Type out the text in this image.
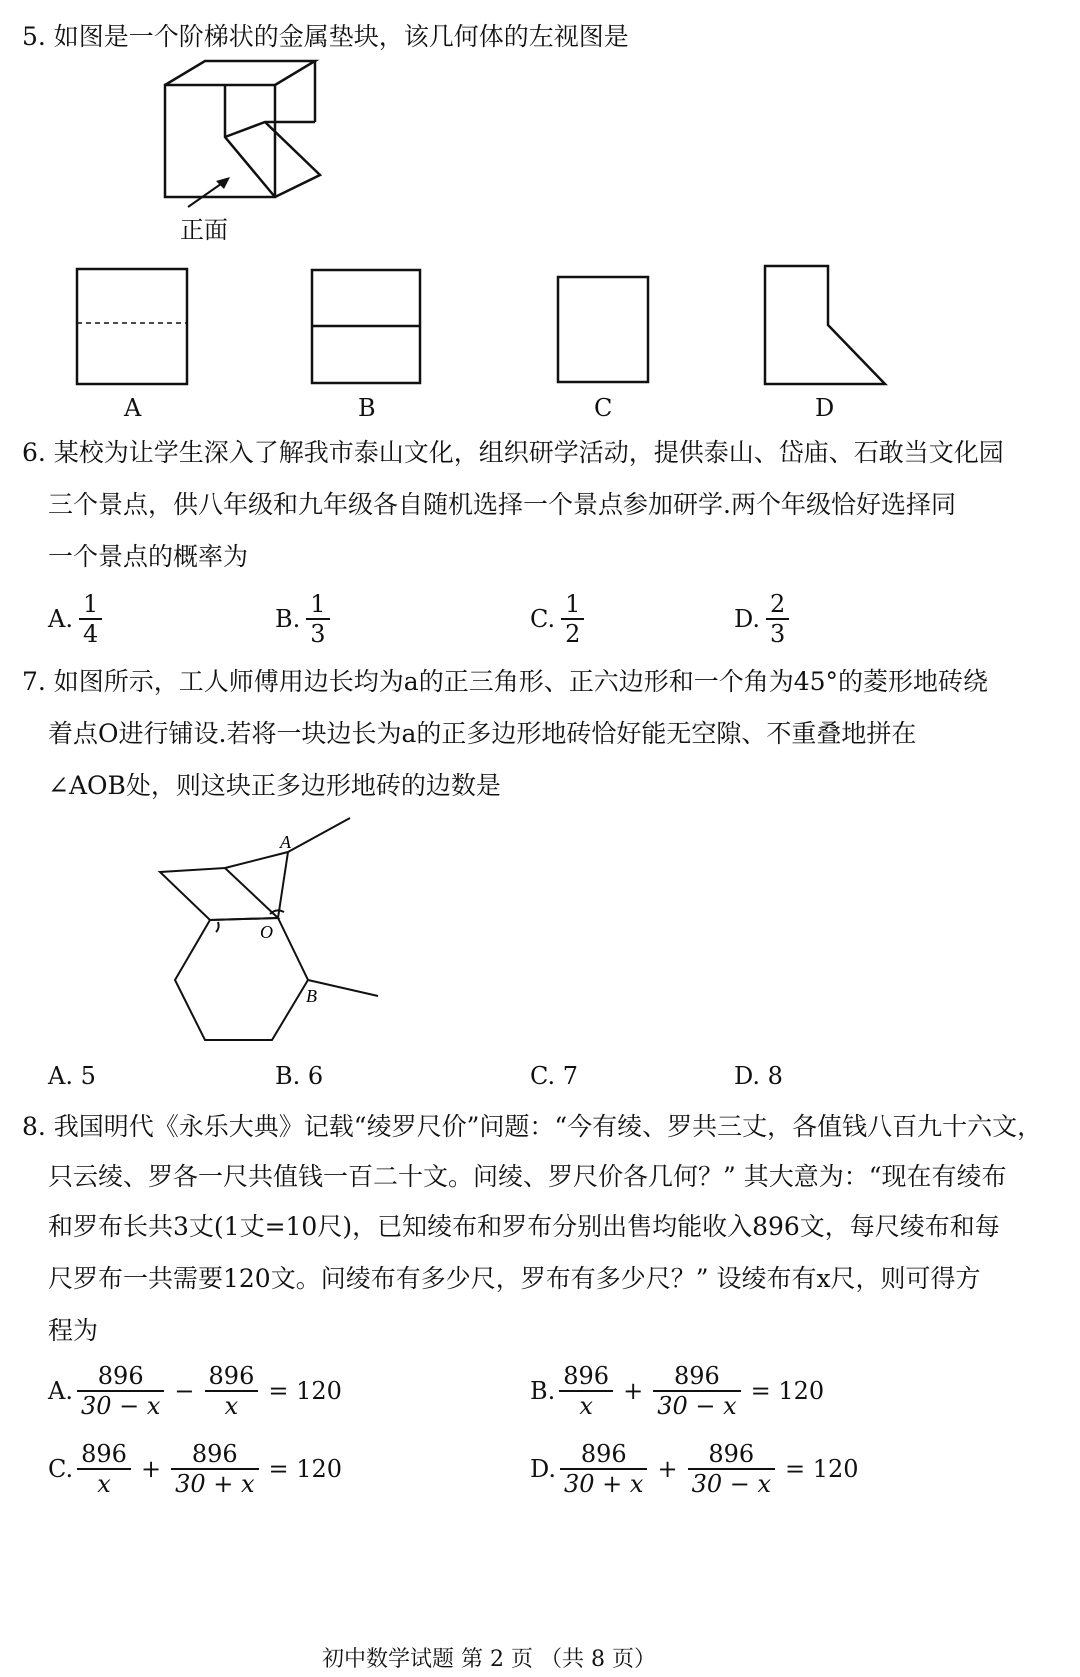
5. 如图是一个阶梯状的金属垫块，该几何体的左视图是
正面
A	B	C	D
6. 某校为让学生深入了解我市泰山文化，组织研学活动，提供泰山、岱庙、石敢当文化园
三个景点，供八年级和九年级各自随机选择一个景点参加研学.两个年级恰好选择同
一个景点的概率为
A. $\frac{1}{4}$	B. $\frac{1}{3}$	C. $\frac{1}{2}$	D. $\frac{2}{3}$
7. 如图所示，工人师傅用边长均为a的正三角形、正六边形和一个角为45°的菱形地砖绕
着点O进行铺设.若将一块边长为a的正多边形地砖恰好能无空隙、不重叠地拼在
∠AOB处，则这块正多边形地砖的边数是
A
O
B
A. 5	B. 6	C. 7	D. 8
8. 我国明代《永乐大典》记载“绫罗尺价”问题：“今有绫、罗共三丈，各值钱八百九十六文，
只云绫、罗各一尺共值钱一百二十文。问绫、罗尺价各几何？” 其大意为：“现在有绫布
和罗布长共3丈(1丈=10尺)，已知绫布和罗布分别出售均能收入896文，每尺绫布和每
尺罗布一共需要120文。问绫布有多少尺，罗布有多少尺？” 设绫布有x尺，则可得方
程为
A. $\frac{896}{30 - x} - \frac{896}{x} = 120$	B. $\frac{896}{x} + \frac{896}{30 - x} = 120$
C. $\frac{896}{x} + \frac{896}{30 + x} = 120$	D. $\frac{896}{30 + x} + \frac{896}{30 - x} = 120$
初中数学试题 第 2 页 （共 8 页）
